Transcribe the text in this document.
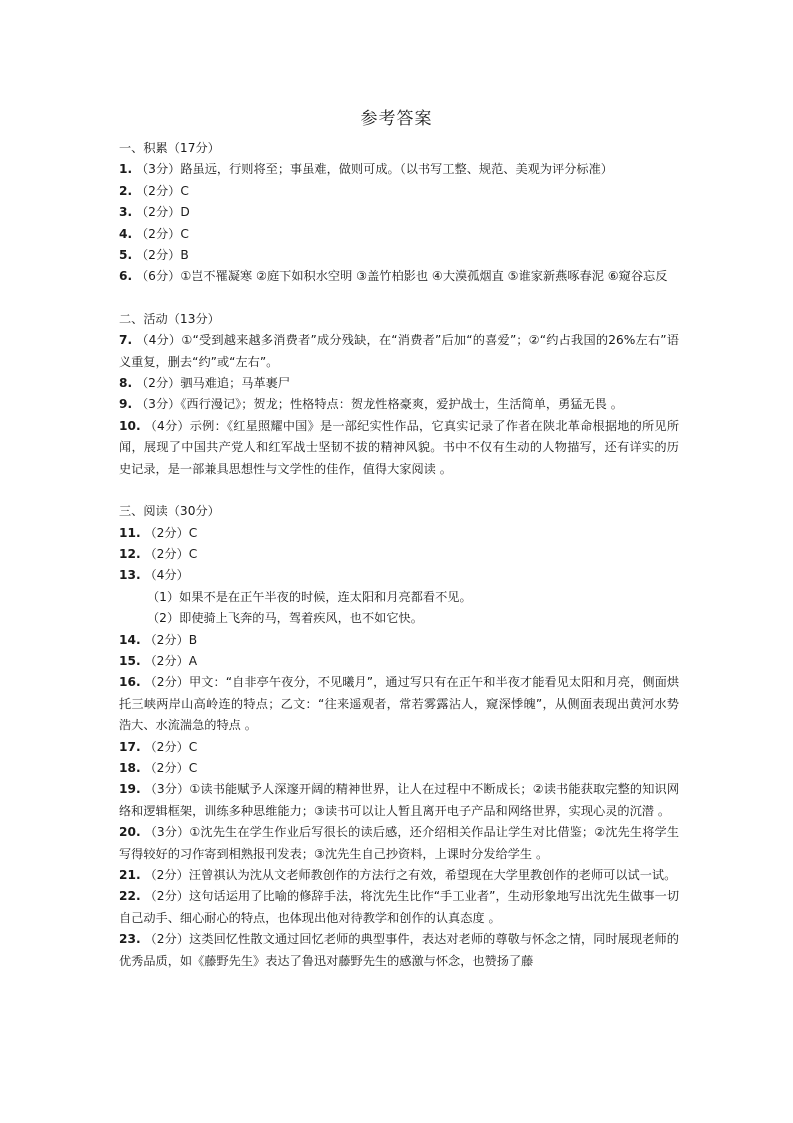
参考答案

一、积累（17分）

1. （3分）路虽远，行则将至；事虽难，做则可成。（以书写工整、规范、美观为评分标准）

2. （2分）C

3. （2分）D

4. （2分）C

5. （2分）B

6. （6分）①岂不罹凝寒 ②庭下如积水空明 ③盖竹柏影也 ④大漠孤烟直 ⑤谁家新燕啄春泥 ⑥窥谷忘反

二、活动（13分）

7. （4分）①“受到越来越多消费者”成分残缺，在“消费者”后加“的喜爱”；②“约占我国的26%左右”语义重复，删去“约”或“左右”。

8. （2分）驷马难追；马革裹尸

9. （3分）《西行漫记》；贺龙；性格特点：贺龙性格豪爽，爱护战士，生活简单，勇猛无畏 。

10. （4分）示例：《红星照耀中国》是一部纪实性作品，它真实记录了作者在陕北革命根据地的所见所闻，展现了中国共产党人和红军战士坚韧不拔的精神风貌。书中不仅有生动的人物描写，还有详实的历史记录，是一部兼具思想性与文学性的佳作，值得大家阅读 。

三、阅读（30分）

11. （2分）C

12. （2分）C

13. （4分）

（1）如果不是在正午半夜的时候，连太阳和月亮都看不见。

（2）即使骑上飞奔的马，驾着疾风，也不如它快。

14. （2分）B

15. （2分）A

16. （2分）甲文：“自非亭午夜分，不见曦月”，通过写只有在正午和半夜才能看见太阳和月亮，侧面烘托三峡两岸山高岭连的特点；乙文：“往来遥观者，常若雾露沾人，窥深悸魄”，从侧面表现出黄河水势浩大、水流湍急的特点 。

17. （2分）C

18. （2分）C

19. （3分）①读书能赋予人深邃开阔的精神世界，让人在过程中不断成长；②读书能获取完整的知识网络和逻辑框架，训练多种思维能力；③读书可以让人暂且离开电子产品和网络世界，实现心灵的沉潜 。

20. （3分）①沈先生在学生作业后写很长的读后感，还介绍相关作品让学生对比借鉴；②沈先生将学生写得较好的习作寄到相熟报刊发表；③沈先生自己抄资料，上课时分发给学生 。

21. （2分）汪曾祺认为沈从文老师教创作的方法行之有效，希望现在大学里教创作的老师可以试一试。

22. （2分）这句话运用了比喻的修辞手法，将沈先生比作“手工业者”，生动形象地写出沈先生做事一切自己动手、细心耐心的特点，也体现出他对待教学和创作的认真态度 。

23. （2分）这类回忆性散文通过回忆老师的典型事件，表达对老师的尊敬与怀念之情，同时展现老师的优秀品质，如《藤野先生》表达了鲁迅对藤野先生的感激与怀念，也赞扬了藤
